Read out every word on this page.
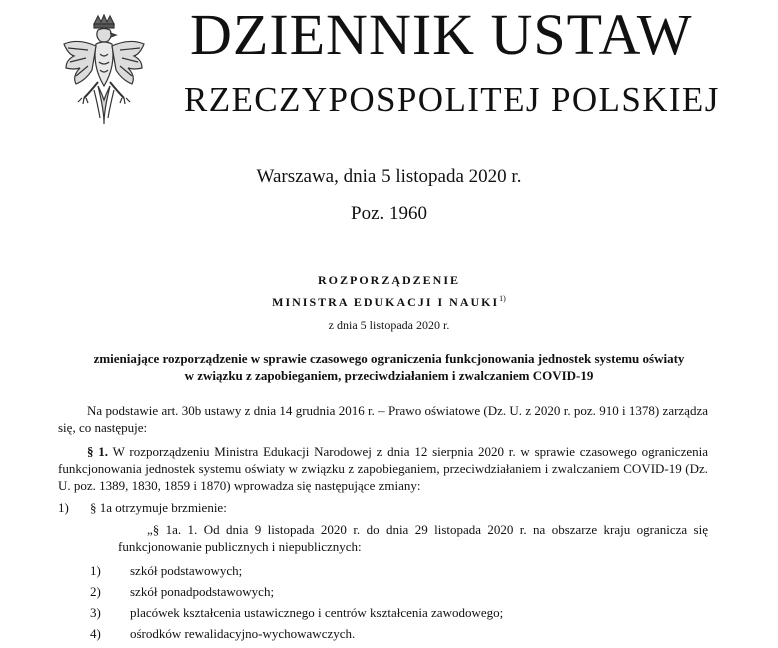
DZIENNIK USTAW
RZECZYPOSPOLITEJ POLSKIEJ
Warszawa, dnia 5 listopada 2020 r.
Poz. 1960
ROZPORZĄDZENIE
MINISTRA EDUKACJI I NAUKI$^{1)}$
z dnia 5 listopada 2020 r.
zmieniające rozporządzenie w sprawie czasowego ograniczenia funkcjonowania jednostek systemu oświaty
w związku z zapobieganiem, przeciwdziałaniem i zwalczaniem COVID-19
Na podstawie art. 30b ustawy z dnia 14 grudnia 2016 r. – Prawo oświatowe (Dz. U. z 2020 r. poz. 910 i 1378) zarządza się, co następuje:
§ 1. W rozporządzeniu Ministra Edukacji Narodowej z dnia 12 sierpnia 2020 r. w sprawie czasowego ograniczenia funkcjonowania jednostek systemu oświaty w związku z zapobieganiem, przeciwdziałaniem i zwalczaniem COVID-19 (Dz. U. poz. 1389, 1830, 1859 i 1870) wprowadza się następujące zmiany:
1) § 1a otrzymuje brzmienie:
„§ 1a. 1. Od dnia 9 listopada 2020 r. do dnia 29 listopada 2020 r. na obszarze kraju ogranicza się funkcjonowanie publicznych i niepublicznych:
1) szkół podstawowych;
2) szkół ponadpodstawowych;
3) placówek kształcenia ustawicznego i centrów kształcenia zawodowego;
4) ośrodków rewalidacyjno-wychowawczych.
